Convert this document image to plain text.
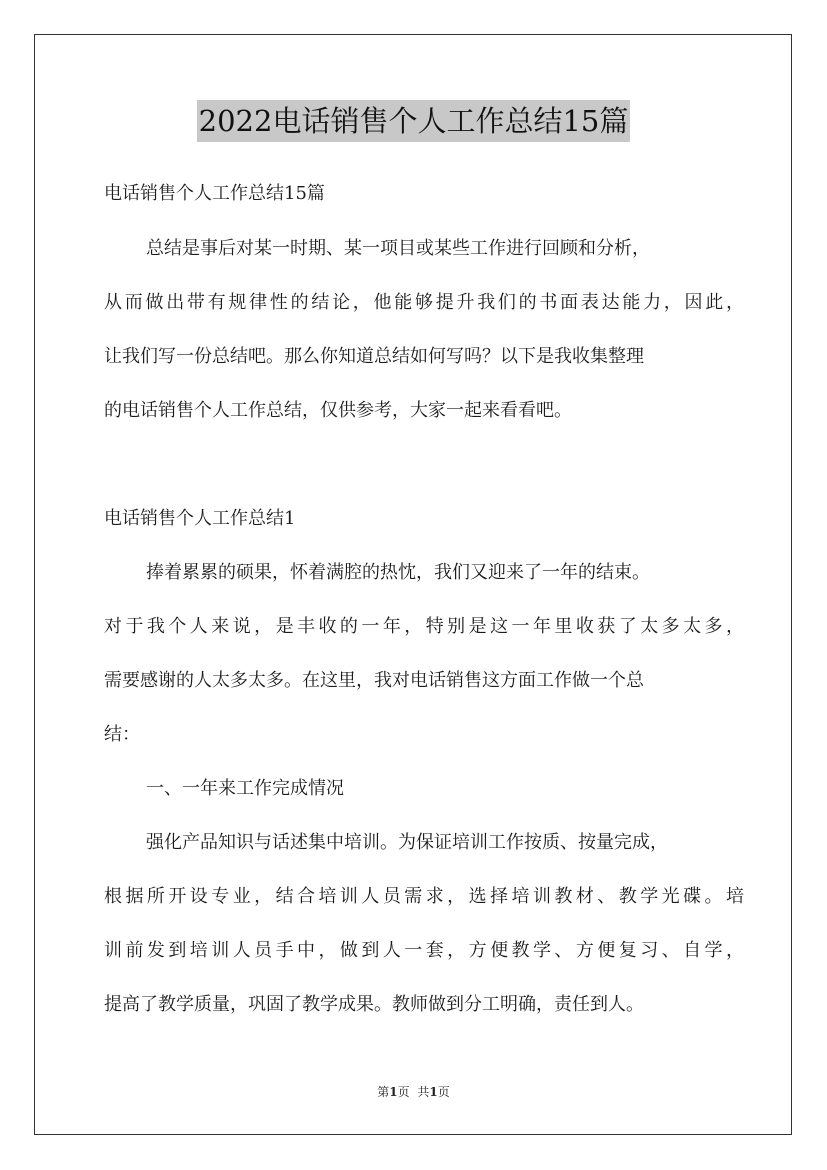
2022电话销售个人工作总结15篇
电话销售个人工作总结15篇
总结是事后对某一时期、某一项目或某些工作进行回顾和分析，
从而做出带有规律性的结论，他能够提升我们的书面表达能力，因此，
让我们写一份总结吧。那么你知道总结如何写吗？以下是我收集整理
的电话销售个人工作总结，仅供参考，大家一起来看看吧。
电话销售个人工作总结1
捧着累累的硕果，怀着满腔的热忱，我们又迎来了一年的结束。
对于我个人来说，是丰收的一年，特别是这一年里收获了太多太多，
需要感谢的人太多太多。在这里，我对电话销售这方面工作做一个总
结：
一、一年来工作完成情况
强化产品知识与话述集中培训。为保证培训工作按质、按量完成，
根据所开设专业，结合培训人员需求，选择培训教材、教学光碟。培
训前发到培训人员手中，做到人一套，方便教学、方便复习、自学，
提高了教学质量，巩固了教学成果。教师做到分工明确，责任到人。
第1页 共1页
